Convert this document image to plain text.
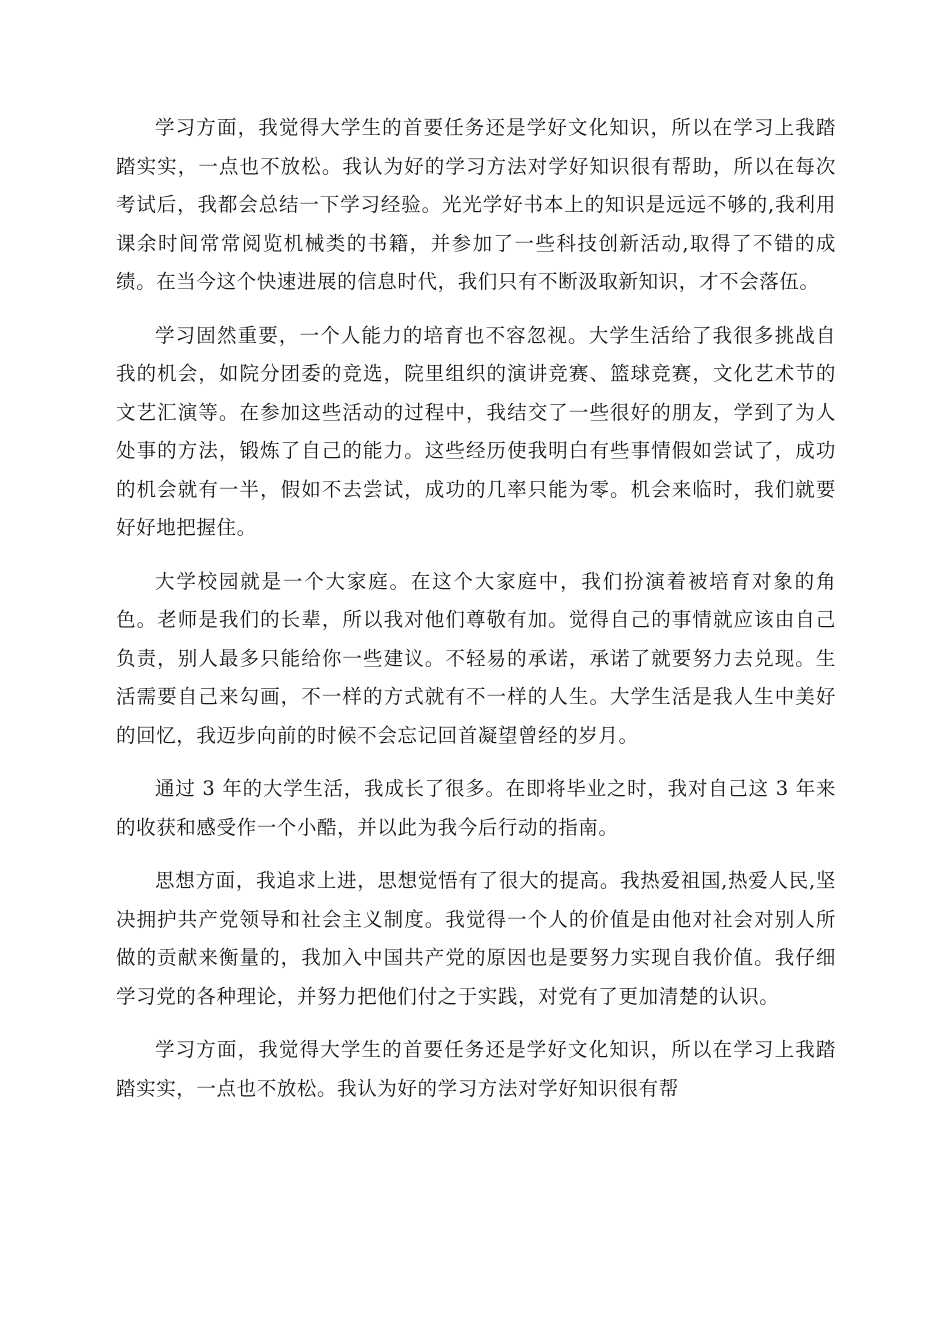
学习方面，我觉得大学生的首要任务还是学好文化知识，所以在学习上我踏踏实实，一点也不放松。我认为好的学习方法对学好知识很有帮助，所以在每次考试后，我都会总结一下学习经验。光光学好书本上的知识是远远不够的,我利用课余时间常常阅览机械类的书籍，并参加了一些科技创新活动,取得了不错的成绩。在当今这个快速进展的信息时代，我们只有不断汲取新知识，才不会落伍。

学习固然重要，一个人能力的培育也不容忽视。大学生活给了我很多挑战自我的机会，如院分团委的竞选，院里组织的演讲竞赛、篮球竞赛，文化艺术节的文艺汇演等。在参加这些活动的过程中，我结交了一些很好的朋友，学到了为人处事的方法，锻炼了自己的能力。这些经历使我明白有些事情假如尝试了，成功的机会就有一半，假如不去尝试，成功的几率只能为零。机会来临时，我们就要好好地把握住。

大学校园就是一个大家庭。在这个大家庭中，我们扮演着被培育对象的角色。老师是我们的长辈，所以我对他们尊敬有加。觉得自己的事情就应该由自己负责，别人最多只能给你一些建议。不轻易的承诺，承诺了就要努力去兑现。生活需要自己来勾画，不一样的方式就有不一样的人生。大学生活是我人生中美好的回忆，我迈步向前的时候不会忘记回首凝望曾经的岁月。

通过 3 年的大学生活，我成长了很多。在即将毕业之时，我对自己这 3 年来的收获和感受作一个小酷，并以此为我今后行动的指南。

思想方面，我追求上进，思想觉悟有了很大的提高。我热爱祖国,热爱人民,坚决拥护共产党领导和社会主义制度。我觉得一个人的价值是由他对社会对别人所做的贡献来衡量的，我加入中国共产党的原因也是要努力实现自我价值。我仔细学习党的各种理论，并努力把他们付之于实践，对党有了更加清楚的认识。

学习方面，我觉得大学生的首要任务还是学好文化知识，所以在学习上我踏踏实实，一点也不放松。我认为好的学习方法对学好知识很有帮
